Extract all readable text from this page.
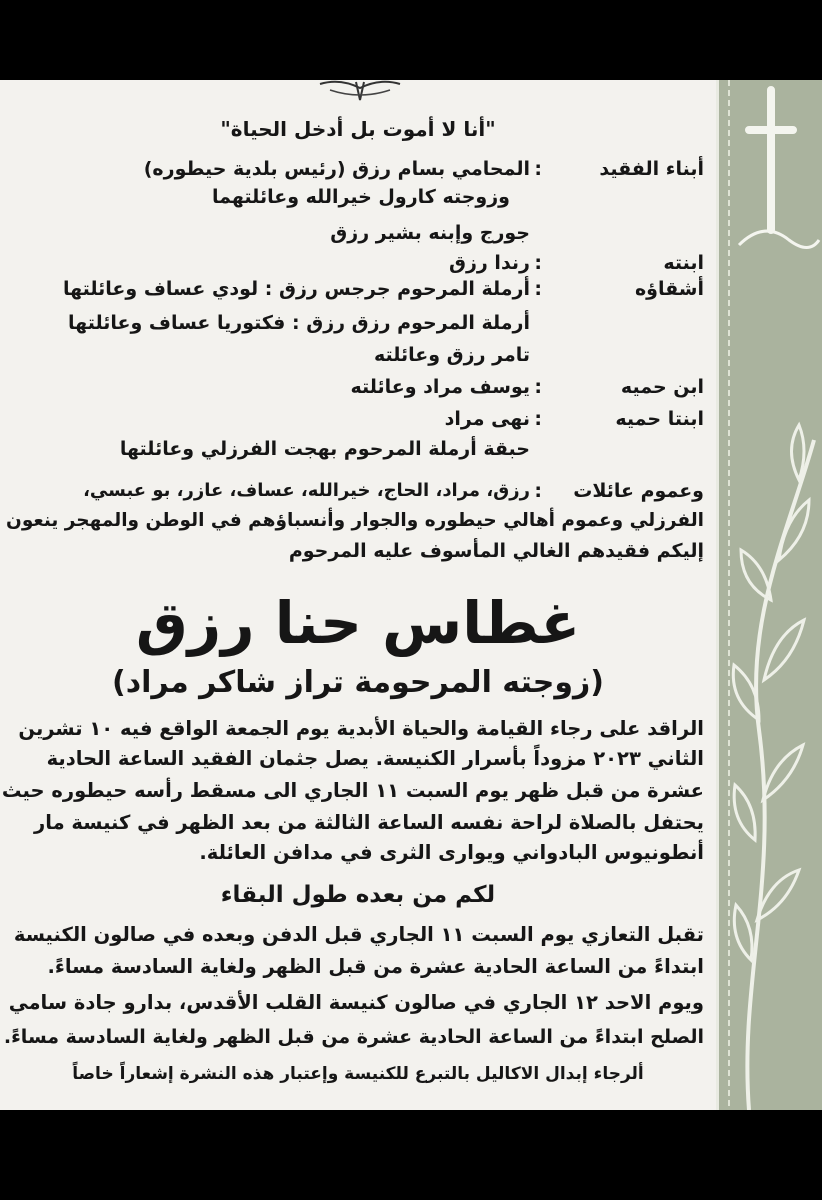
"أنا لا أموت بل أدخل الحياة"
أبناء الفقيد
:
المحامي بسام رزق (رئيس بلدية حيطوره)
وزوجته كارول خيرالله وعائلتهما
جورج وإبنه بشير رزق
ابنته
:
رندا رزق
أشقاؤه
:
أرملة المرحوم جرجس رزق : لودي عساف وعائلتها
أرملة المرحوم رزق رزق : فكتوريا عساف وعائلتها
تامر رزق وعائلته
ابن حميه
:
يوسف مراد وعائلته
ابنتا حميه
:
نهى مراد
حبقة أرملة المرحوم بهجت الفرزلي وعائلتها
وعموم عائلات
:
رزق، مراد، الحاج، خيرالله، عساف، عازر، بو عبسي،
الفرزلي وعموم أهالي حيطوره والجوار وأنسباؤهم في الوطن والمهجر ينعون
إليكم فقيدهم الغالي المأسوف عليه المرحوم
غطاس حنا رزق
(زوجته المرحومة تراز شاكر مراد)
الراقد على رجاء القيامة والحياة الأبدية يوم الجمعة الواقع فيه ١٠ تشرين
الثاني ٢٠٢٣ مزوداً بأسرار الكنيسة. يصل جثمان الفقيد الساعة الحادية
عشرة من قبل ظهر يوم السبت ١١ الجاري الى مسقط رأسه حيطوره حيث
يحتفل بالصلاة لراحة نفسه الساعة الثالثة من بعد الظهر في كنيسة مار
أنطونيوس البادواني ويوارى الثرى في مدافن العائلة.
لكم من بعده طول البقاء
تقبل التعازي يوم السبت ١١ الجاري قبل الدفن وبعده في صالون الكنيسة
ابتداءً من الساعة الحادية عشرة من قبل الظهر ولغاية السادسة مساءً.
ويوم الاحد ١٢ الجاري في صالون كنيسة القلب الأقدس، بدارو جادة سامي
الصلح ابتداءً من الساعة الحادية عشرة من قبل الظهر ولغاية السادسة مساءً.
ألرجاء إبدال الاكاليل بالتبرع للكنيسة وإعتبار هذه النشرة إشعاراً خاصاً
